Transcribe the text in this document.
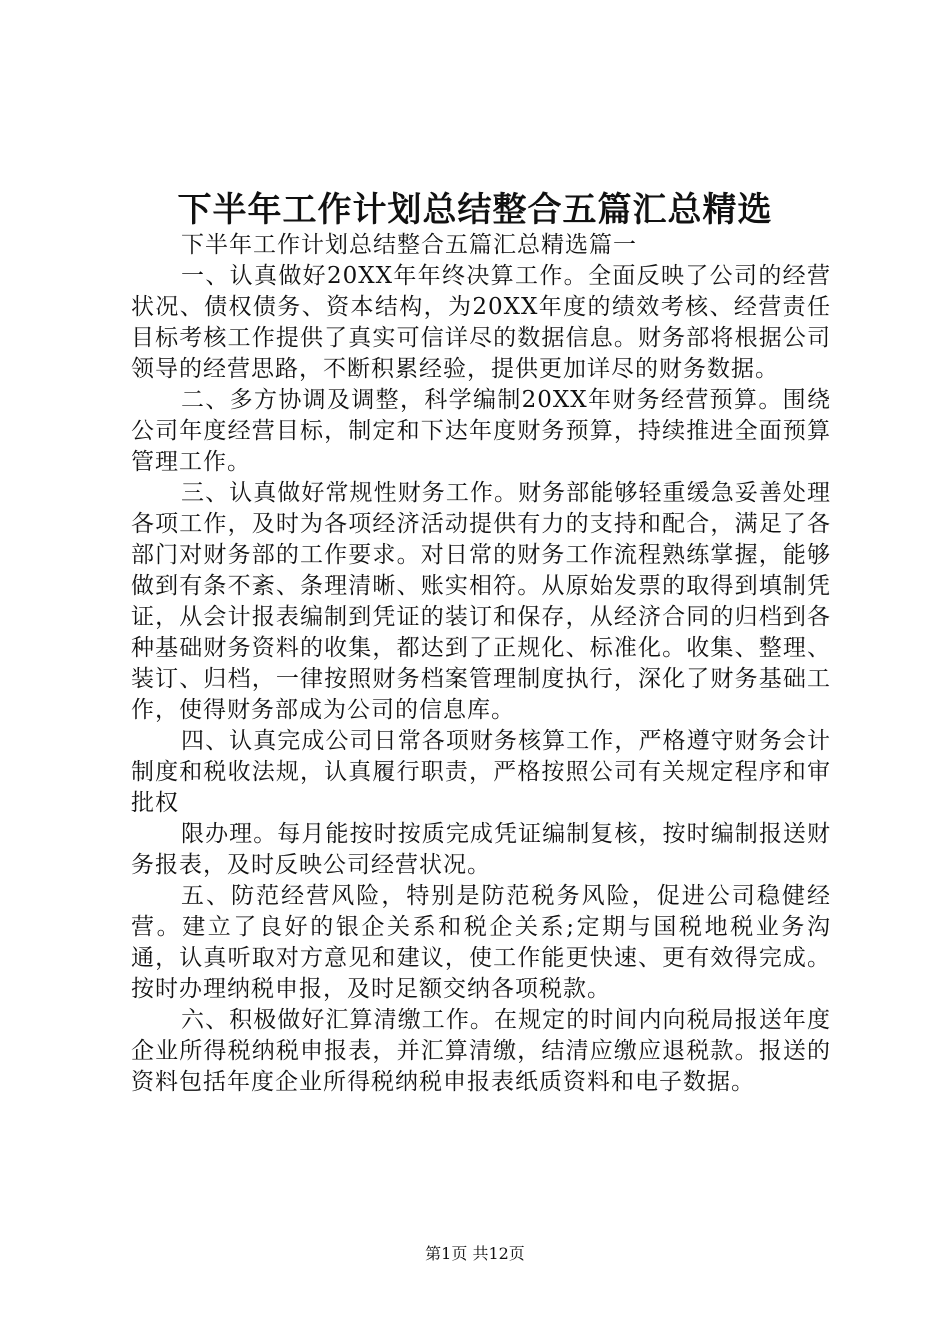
下半年工作计划总结整合五篇汇总精选

下半年工作计划总结整合五篇汇总精选篇一

一、认真做好20XX年年终决算工作。全面反映了公司的经营状况、债权债务、资本结构，为20XX年度的绩效考核、经营责任目标考核工作提供了真实可信详尽的数据信息。财务部将根据公司领导的经营思路，不断积累经验，提供更加详尽的财务数据。

二、多方协调及调整，科学编制20XX年财务经营预算。围绕公司年度经营目标，制定和下达年度财务预算，持续推进全面预算管理工作。

三、认真做好常规性财务工作。财务部能够轻重缓急妥善处理各项工作，及时为各项经济活动提供有力的支持和配合，满足了各部门对财务部的工作要求。对日常的财务工作流程熟练掌握，能够做到有条不紊、条理清晰、账实相符。从原始发票的取得到填制凭证，从会计报表编制到凭证的装订和保存，从经济合同的归档到各种基础财务资料的收集，都达到了正规化、标准化。收集、整理、装订、归档，一律按照财务档案管理制度执行，深化了财务基础工作，使得财务部成为公司的信息库。

四、认真完成公司日常各项财务核算工作，严格遵守财务会计制度和税收法规，认真履行职责，严格按照公司有关规定程序和审批权

限办理。每月能按时按质完成凭证编制复核，按时编制报送财务报表，及时反映公司经营状况。

五、防范经营风险，特别是防范税务风险，促进公司稳健经营。建立了良好的银企关系和税企关系;定期与国税地税业务沟通，认真听取对方意见和建议，使工作能更快速、更有效得完成。按时办理纳税申报，及时足额交纳各项税款。

六、积极做好汇算清缴工作。在规定的时间内向税局报送年度企业所得税纳税申报表，并汇算清缴，结清应缴应退税款。报送的资料包括年度企业所得税纳税申报表纸质资料和电子数据。

第1页 共12页
